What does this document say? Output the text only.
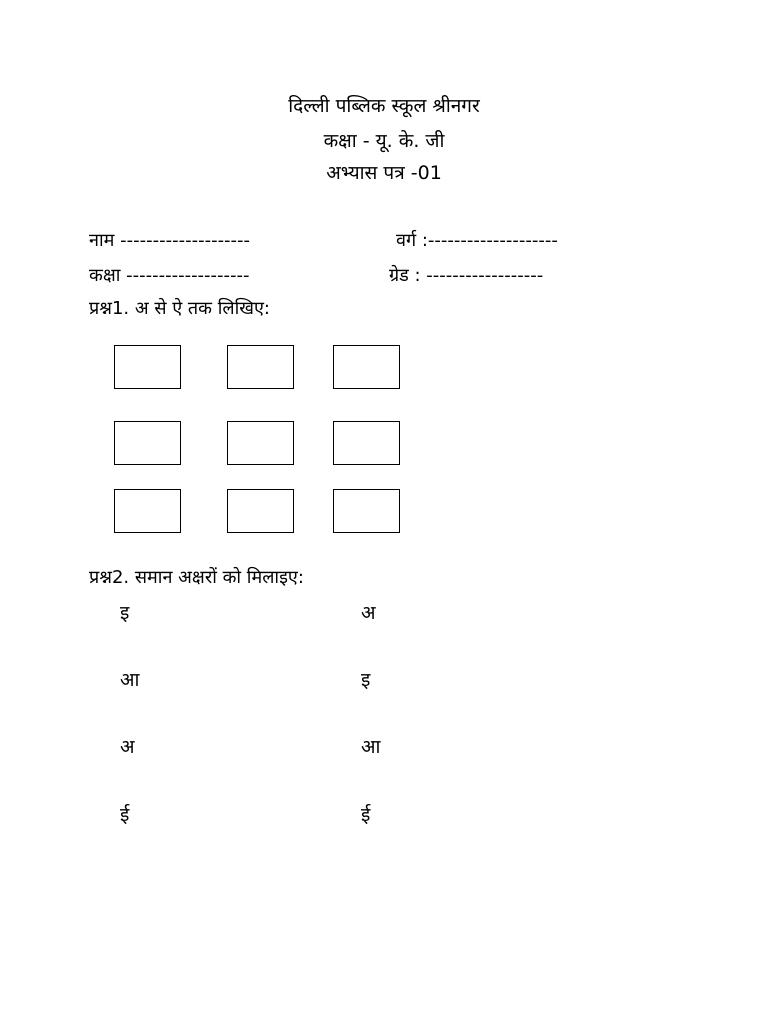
दिल्ली पब्लिक स्कूल श्रीनगर
कक्षा - यू. के. जी
अभ्यास पत्र -01
नाम --------------------	वर्ग :--------------------
कक्षा -------------------	ग्रेड : ------------------
प्रश्न1. अ से ऐ तक लिखिए:
प्रश्न2. समान अक्षरों को मिलाइए:
इ
आ
अ
ई
अ
इ
आ
ई
